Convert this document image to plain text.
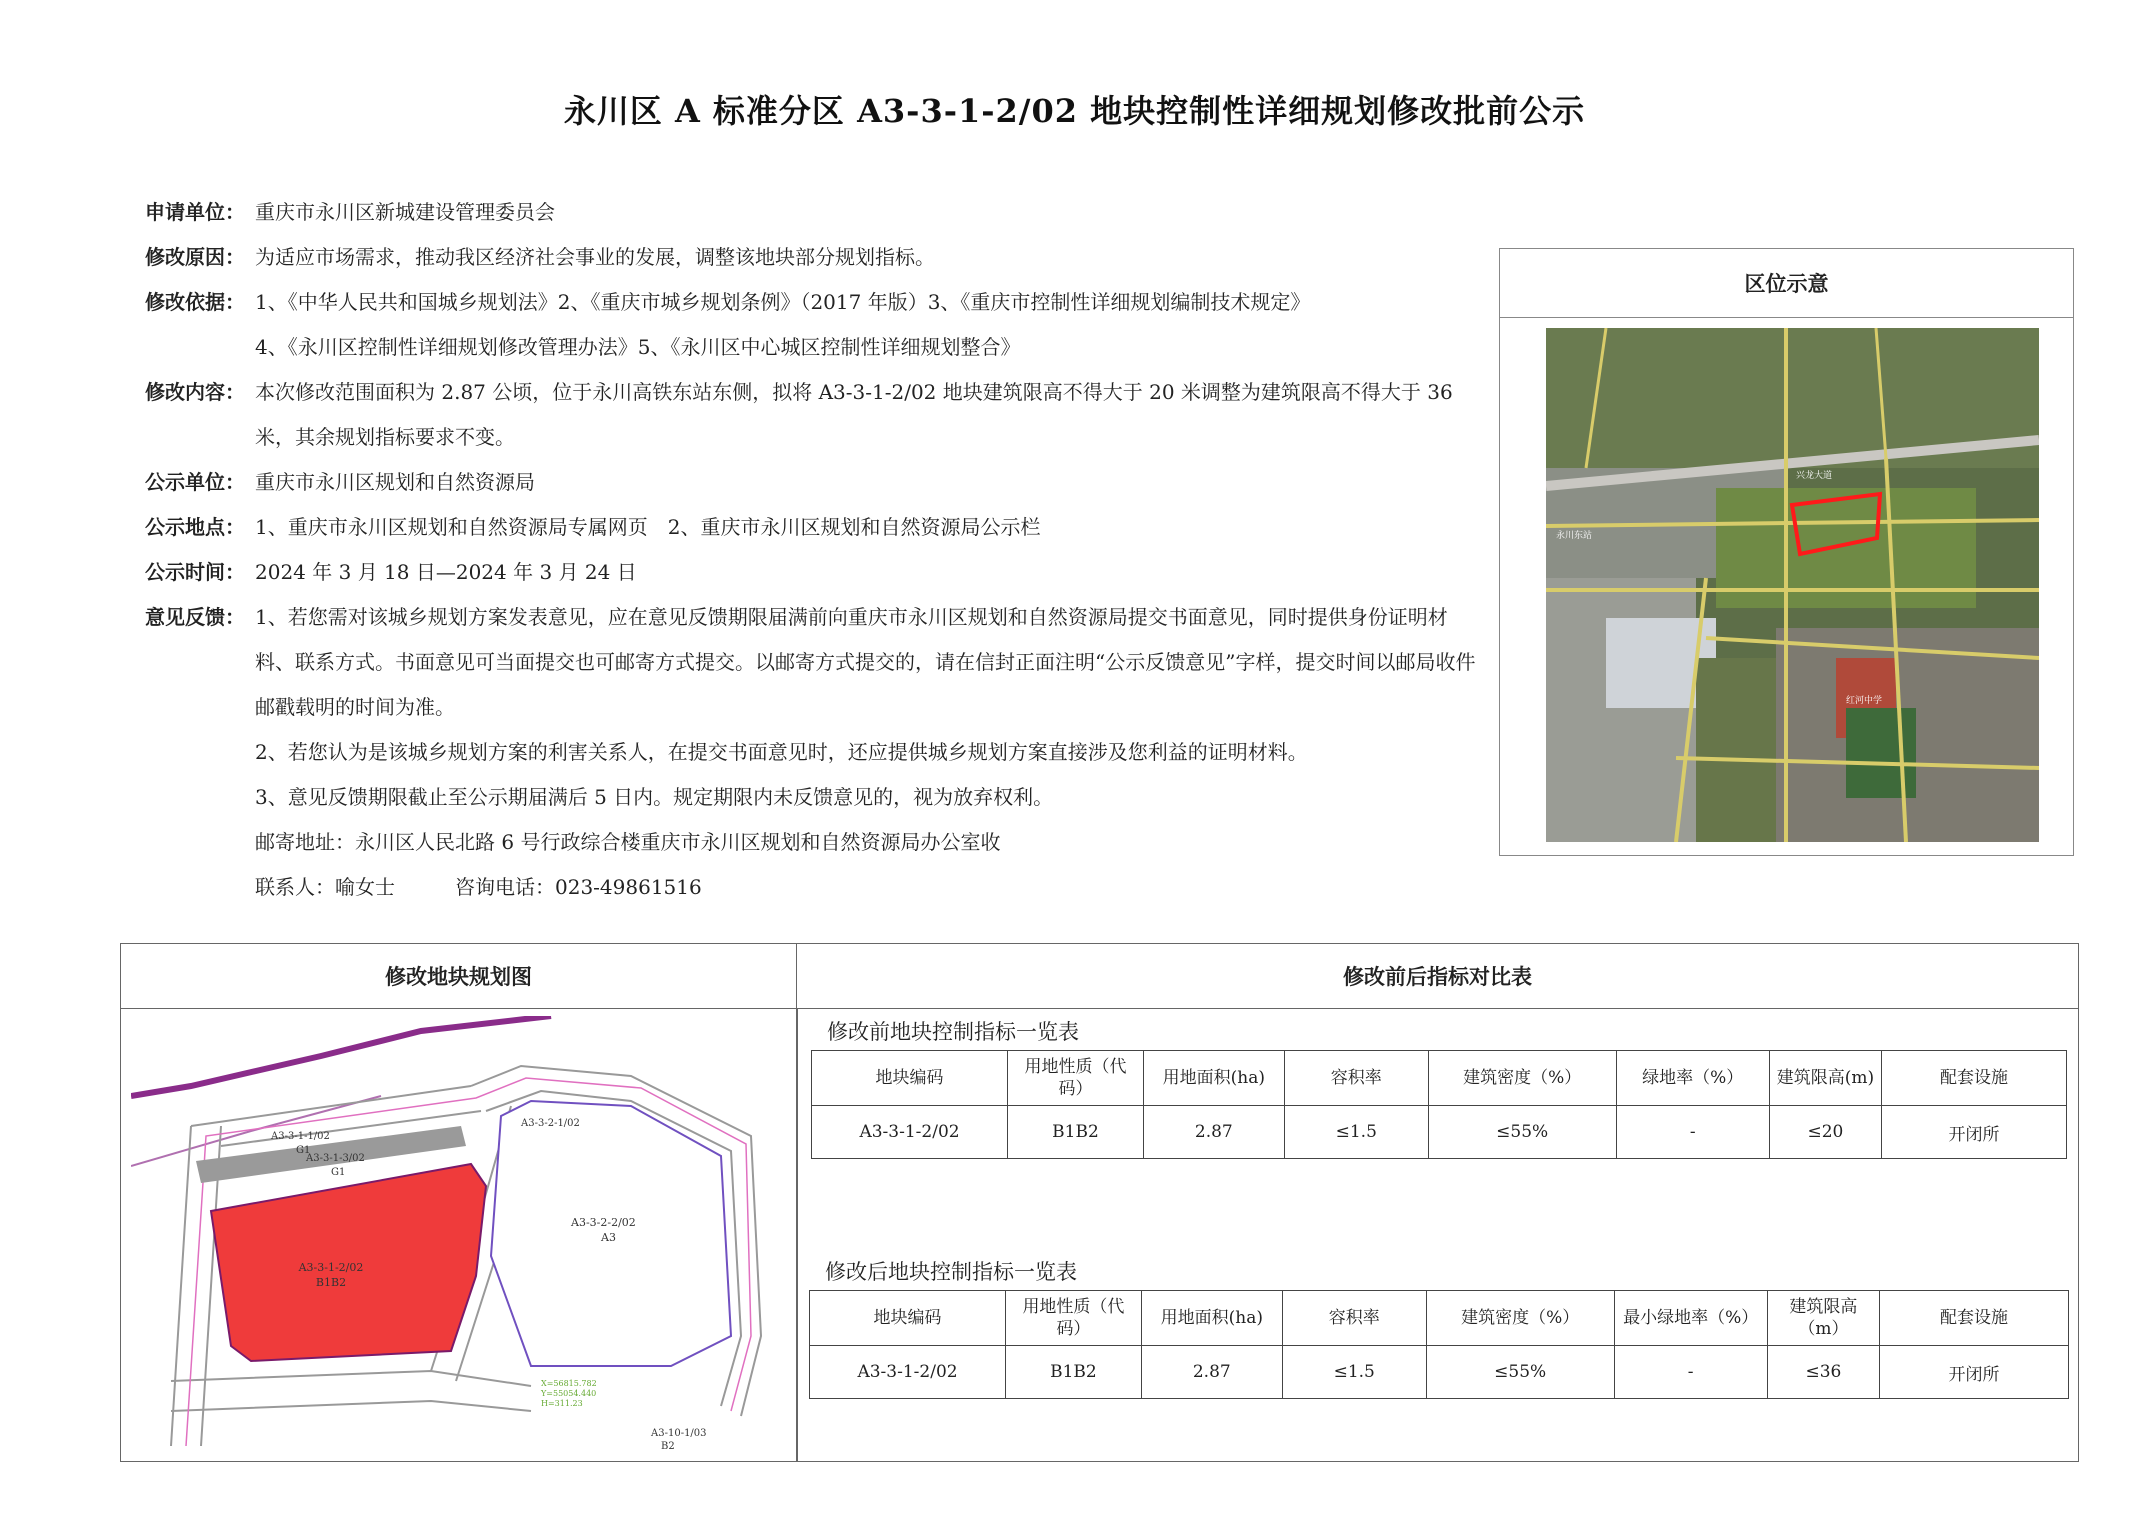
永川区 A 标准分区 A3-3-1-2/02 地块控制性详细规划修改批前公示
申请单位： 重庆市永川区新城建设管理委员会
修改原因： 为适应市场需求，推动我区经济社会事业的发展，调整该地块部分规划指标。
修改依据： 1、《中华人民共和国城乡规划法》2、《重庆市城乡规划条例》（2017 年版）3、《重庆市控制性详细规划编制技术规定》
4、《永川区控制性详细规划修改管理办法》5、《永川区中心城区控制性详细规划整合》
修改内容： 本次修改范围面积为 2.87 公顷，位于永川高铁东站东侧，拟将 A3-3-1-2/02 地块建筑限高不得大于 20 米调整为建筑限高不得大于 36 米，其余规划指标要求不变。
公示单位： 重庆市永川区规划和自然资源局
公示地点： 1、重庆市永川区规划和自然资源局专属网页　2、重庆市永川区规划和自然资源局公示栏
公示时间： 2024 年 3 月 18 日—2024 年 3 月 24 日
意见反馈： 1、若您需对该城乡规划方案发表意见，应在意见反馈期限届满前向重庆市永川区规划和自然资源局提交书面意见，同时提供身份证明材料、联系方式。书面意见可当面提交也可邮寄方式提交。以邮寄方式提交的，请在信封正面注明“公示反馈意见”字样，提交时间以邮局收件邮戳载明的时间为准。
2、若您认为是该城乡规划方案的利害关系人，在提交书面意见时，还应提供城乡规划方案直接涉及您利益的证明材料。
3、意见反馈期限截止至公示期届满后 5 日内。规定期限内未反馈意见的，视为放弃权利。
邮寄地址：永川区人民北路 6 号行政综合楼重庆市永川区规划和自然资源局办公室收
联系人：喻女士　　　咨询电话：023-49861516
区位示意
永川东站
红河中学
兴龙大道
修改地块规划图	修改前后指标对比表
A3-3-1-2/02
B1B2
A3-3-1-1/02
G1
A3-3-1-3/02
G1
A3-3-2-2/02
A3
A3-3-2-1/02
A3-10-1/03
B2
X=56815.782
Y=55054.440
H=311.23
修改前地块控制指标一览表
地块编码	用地性质（代码）	用地面积(ha)	容积率	建筑密度（%）	绿地率（%）	建筑限高(m)	配套设施
A3-3-1-2/02	B1B2	2.87	≤1.5	≤55%	-	≤20	开闭所
修改后地块控制指标一览表
地块编码	用地性质（代码）	用地面积(ha)	容积率	建筑密度（%）	最小绿地率（%）	建筑限高（m）	配套设施
A3-3-1-2/02	B1B2	2.87	≤1.5	≤55%	-	≤36	开闭所
